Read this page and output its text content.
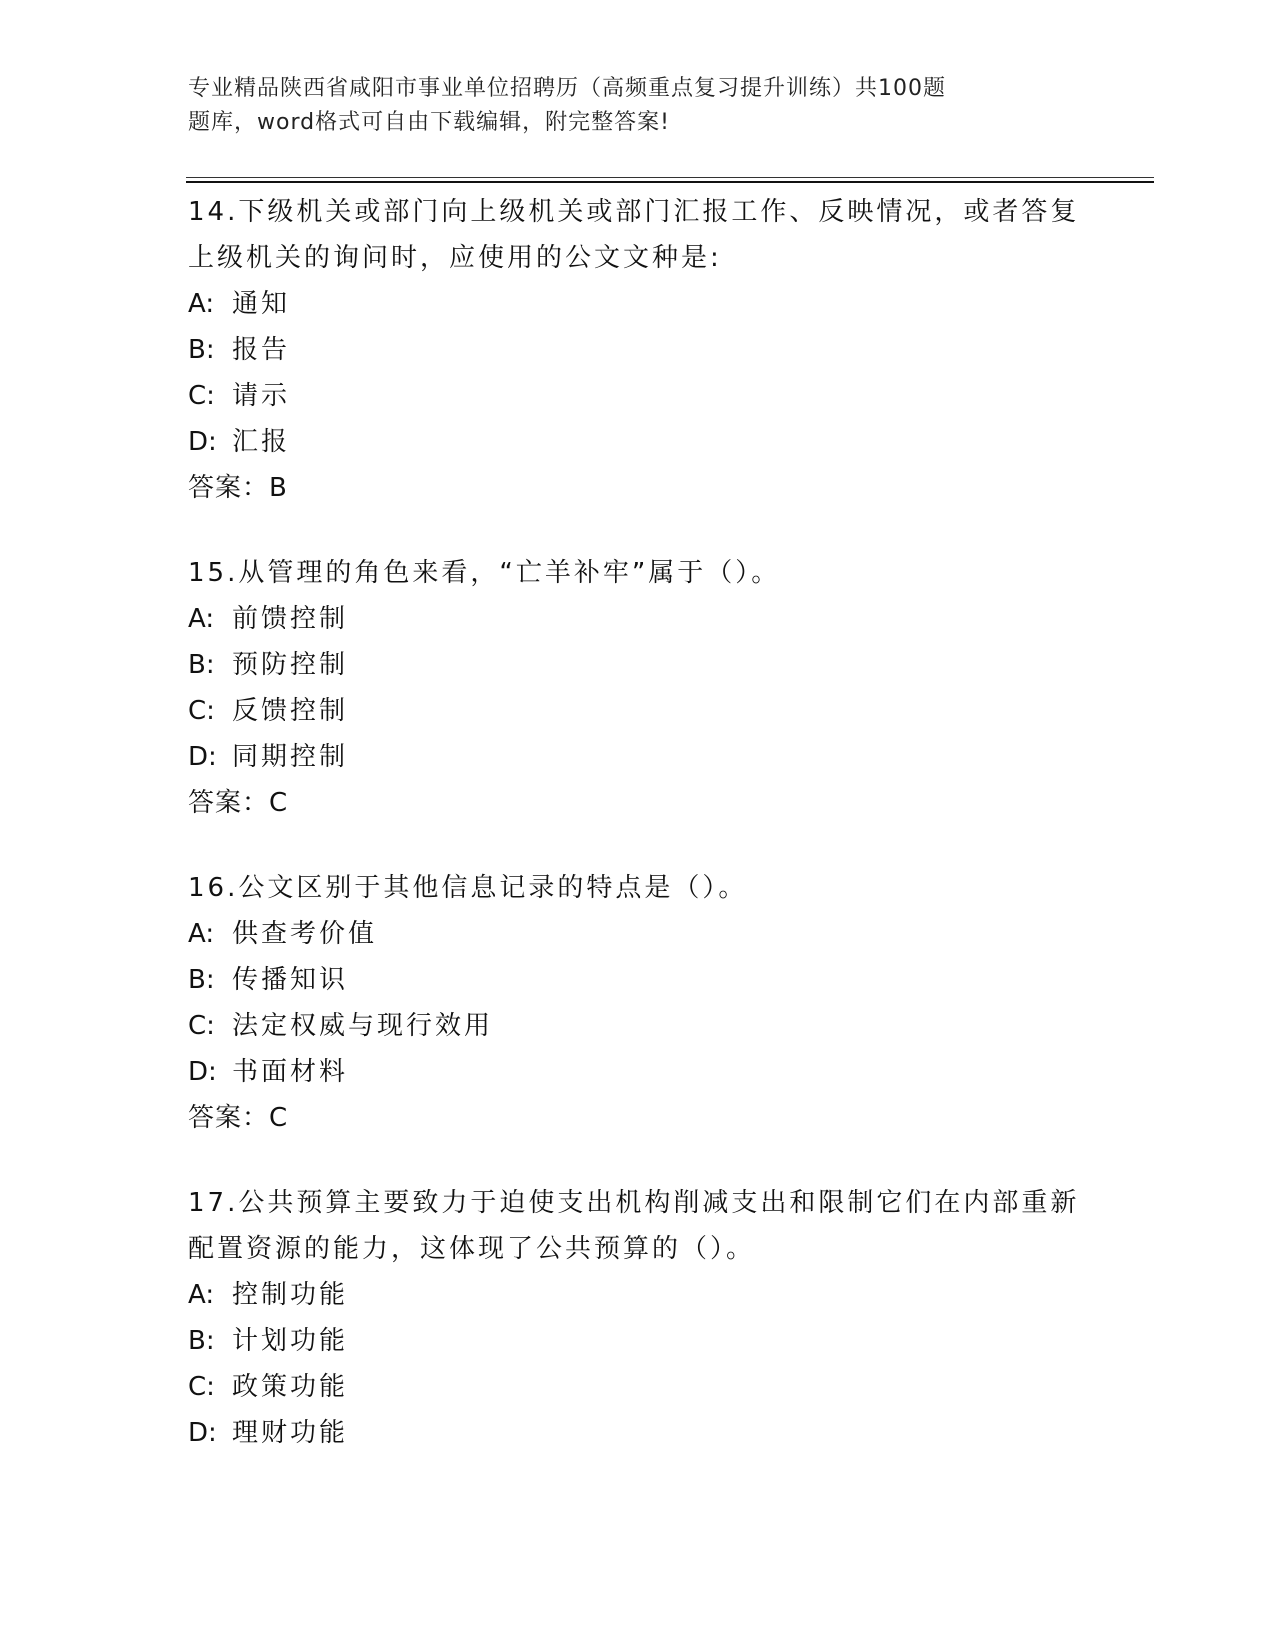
专业精品陕西省咸阳市事业单位招聘历（高频重点复习提升训练）共100题

题库，word格式可自由下载编辑，附完整答案!

14.下级机关或部门向上级机关或部门汇报工作、反映情况，或者答复上级机关的询问时，应使用的公文文种是:

A: 通知
B: 报告
C: 请示
D: 汇报
答案：B

15.从管理的角色来看，“亡羊补牢”属于（）。

A: 前馈控制
B: 预防控制
C: 反馈控制
D: 同期控制
答案：C

16.公文区别于其他信息记录的特点是（）。

A: 供查考价值
B: 传播知识
C: 法定权威与现行效用
D: 书面材料
答案：C

17.公共预算主要致力于迫使支出机构削减支出和限制它们在内部重新配置资源的能力，这体现了公共预算的（）。

A: 控制功能
B: 计划功能
C: 政策功能
D: 理财功能
